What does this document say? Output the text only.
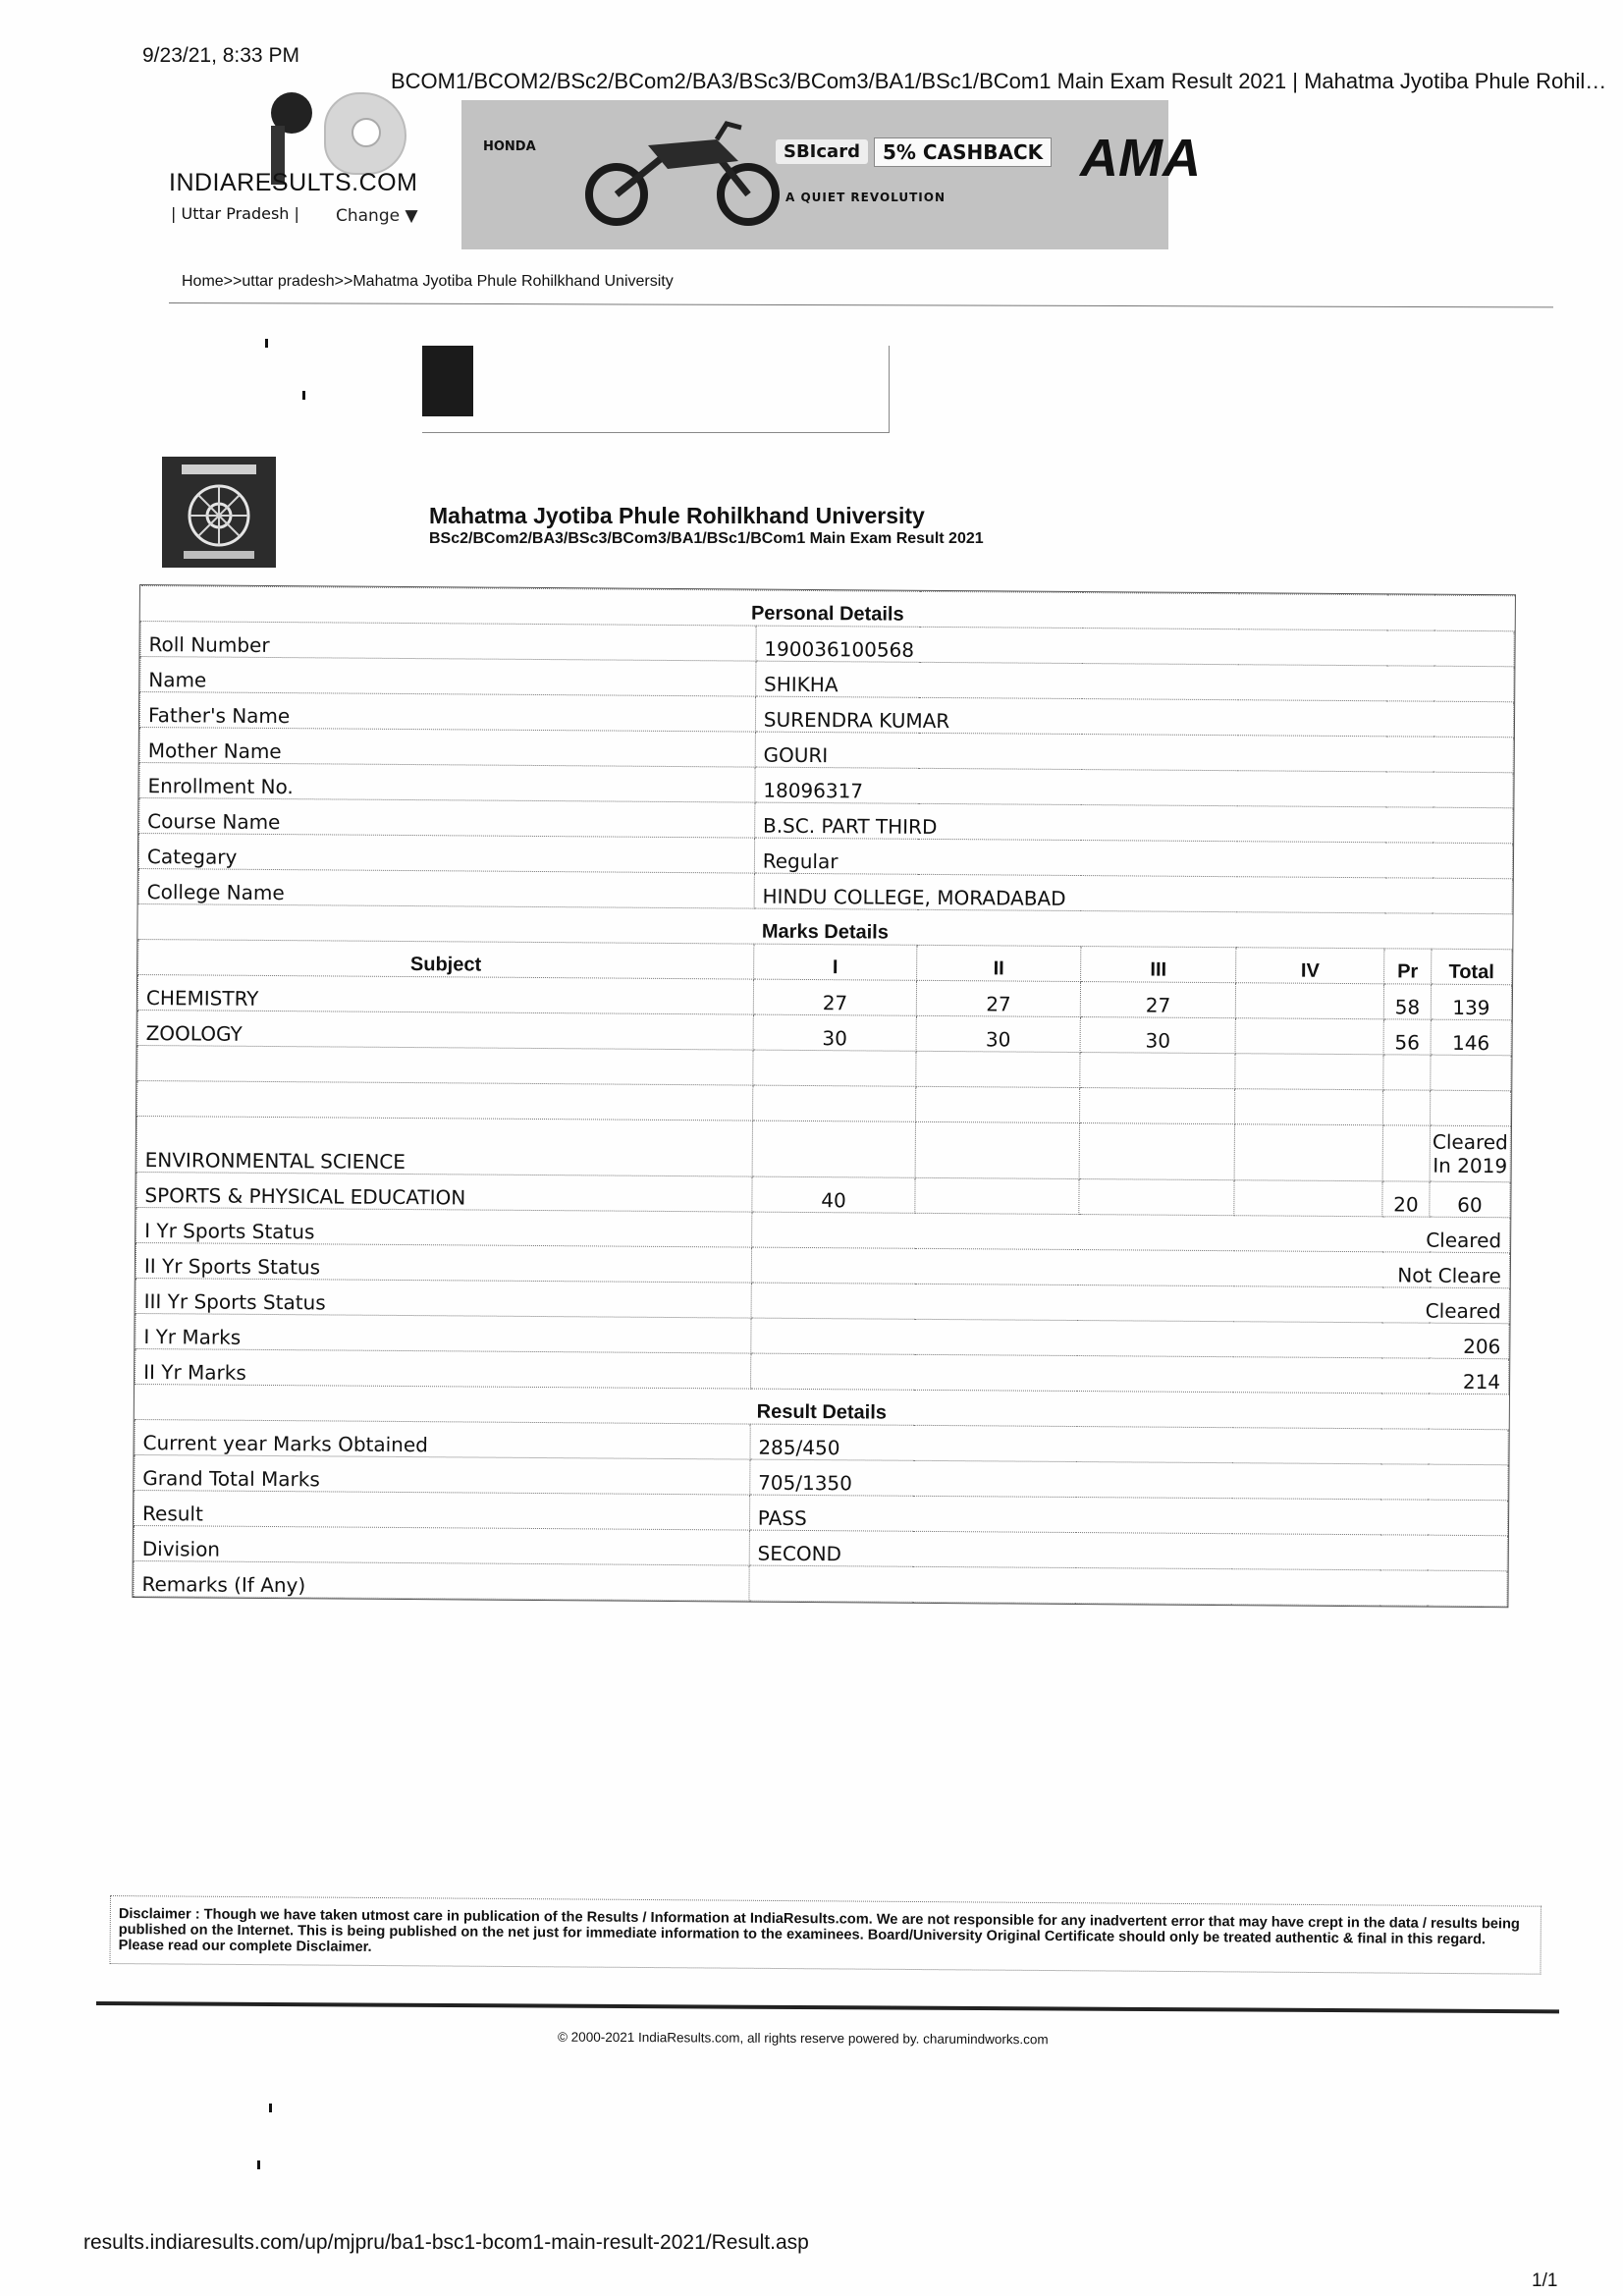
9/23/21, 8:33 PM
BCOM1/BCOM2/BSc2/BCom2/BA3/BSc3/BCom3/BA1/BSc1/BCom1 Main Exam Result 2021 | Mahatma Jyotiba Phule Rohil…
INDIARESULTS.COM
| Uttar Pradesh | Change ▼
HONDA	SBIcard	5% CASHBACK
A QUIET REVOLUTION
AMA
Home>>uttar pradesh>>Mahatma Jyotiba Phule Rohilkhand University
Mahatma Jyotiba Phule Rohilkhand University
BSc2/BCom2/BA3/BSc3/BCom3/BA1/BSc1/BCom1 Main Exam Result 2021
Personal Details						
Roll Number	190036100568					
Name	SHIKHA					
Father's Name	SURENDRA KUMAR					
Mother Name	GOURI					
Enrollment No.	18096317					
Course Name	B.SC. PART THIRD					
Categary	Regular					
College Name	HINDU COLLEGE, MORADABAD					
Marks Details						
Subject	I	II	III	IV	Pr	Total
CHEMISTRY	27	27	27		58	139
ZOOLOGY	30	30	30		56	146

ENVIRONMENTAL SCIENCE						Cleared In 2019
SPORTS & PHYSICAL EDUCATION	40				20	60
I Yr Sports Status	Cleared					
II Yr Sports Status	Not Cleare					
III Yr Sports Status	Cleared					
I Yr Marks	206					
II Yr Marks	214					
Result Details						
Current year Marks Obtained	285/450					
Grand Total Marks	705/1350					
Result	PASS					
Division	SECOND					
Remarks (If Any)						
Disclaimer : Though we have taken utmost care in publication of the Results / Information at IndiaResults.com. We are not responsible for any inadvertent error that may have crept in the data / results being published on the Internet. This is being published on the net just for immediate information to the examinees. Board/University Original Certificate should only be treated authentic & final in this regard. Please read our complete Disclaimer.
© 2000-2021 IndiaResults.com, all rights reserve powered by. charumindworks.com
results.indiaresults.com/up/mjpru/ba1-bsc1-bcom1-main-result-2021/Result.asp
1/1
